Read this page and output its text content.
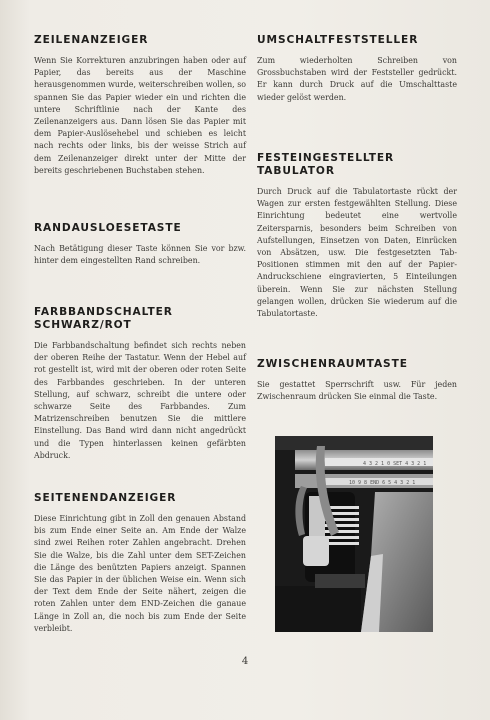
ZEILENANZEIGER

Wenn Sie Korrekturen anzubringen haben oder auf Papier, das bereits aus der Maschine herausgenommen wurde, weiterschreiben wollen, so spannen Sie das Papier wieder ein und richten die untere Schriftlinie nach der Kante des Zeilenanzeigers aus. Dann lösen Sie das Papier mit dem Papier-Auslösehebel und schieben es leicht nach rechts oder links, bis der weisse Strich auf dem Zeilenanzeiger direkt unter der Mitte der bereits geschriebenen Buchstaben stehen.

RANDAUSLOESETASTE

Nach Betätigung dieser Taste können Sie vor bzw. hinter dem eingestellten Rand schreiben.

FARBBANDSCHALTER
SCHWARZ/ROT

Die Farbbandschaltung befindet sich rechts neben der oberen Reihe der Tastatur. Wenn der Hebel auf rot gestellt ist, wird mit der oberen oder roten Seite des Farbbandes geschrieben. In der unteren Stellung, auf schwarz, schreibt die untere oder schwarze Seite des Farbbandes. Zum Matrizenschreiben benutzen Sie die mittlere Einstellung. Das Band wird dann nicht angedrückt und die Typen hinterlassen keinen gefärbten Abdruck.

SEITENENDANZEIGER

Diese Einrichtung gibt in Zoll den genauen Abstand bis zum Ende einer Seite an. Am Ende der Walze sind zwei Reihen roter Zahlen angebracht. Drehen Sie die Walze, bis die Zahl unter dem SET-Zeichen die Länge des benützten Papiers anzeigt. Spannen Sie das Papier in der üblichen Weise ein. Wenn sich der Text dem Ende der Seite nähert, zeigen die roten Zahlen unter dem END-Zeichen die ganaue Länge in Zoll an, die noch bis zum Ende der Seite verbleibt.

UMSCHALTFESTSTELLER

Zum wiederholten Schreiben von Grossbuchstaben wird der Feststeller gedrückt. Er kann durch Druck auf die Umschalttaste wieder gelöst werden.

FESTEINGESTELLTER
TABULATOR

Durch Druck auf die Tabulatortaste rückt der Wagen zur ersten festgewählten Stellung. Diese Einrichtung bedeutet eine wertvolle Zeitersparnis, besonders beim Schreiben von Aufstellungen, Einsetzen von Daten, Einrücken von Absätzen, usw. Die festgesetzten Tab-Positionen stimmen mit den auf der Papier-Andruckschiene eingravierten, 5 Einteilungen überein. Wenn Sie zur nächsten Stellung gelangen wollen, drücken Sie wiederum auf die Tabulatortaste.

ZWISCHENRAUMTASTE

Sie gestattet Sperrschrift usw. Für jeden Zwischenraum drücken Sie einmal die Taste.

4 3 2 1 0 SET 4 3 2 1
10 9 8 END 6 5 4 3 2 1
4
